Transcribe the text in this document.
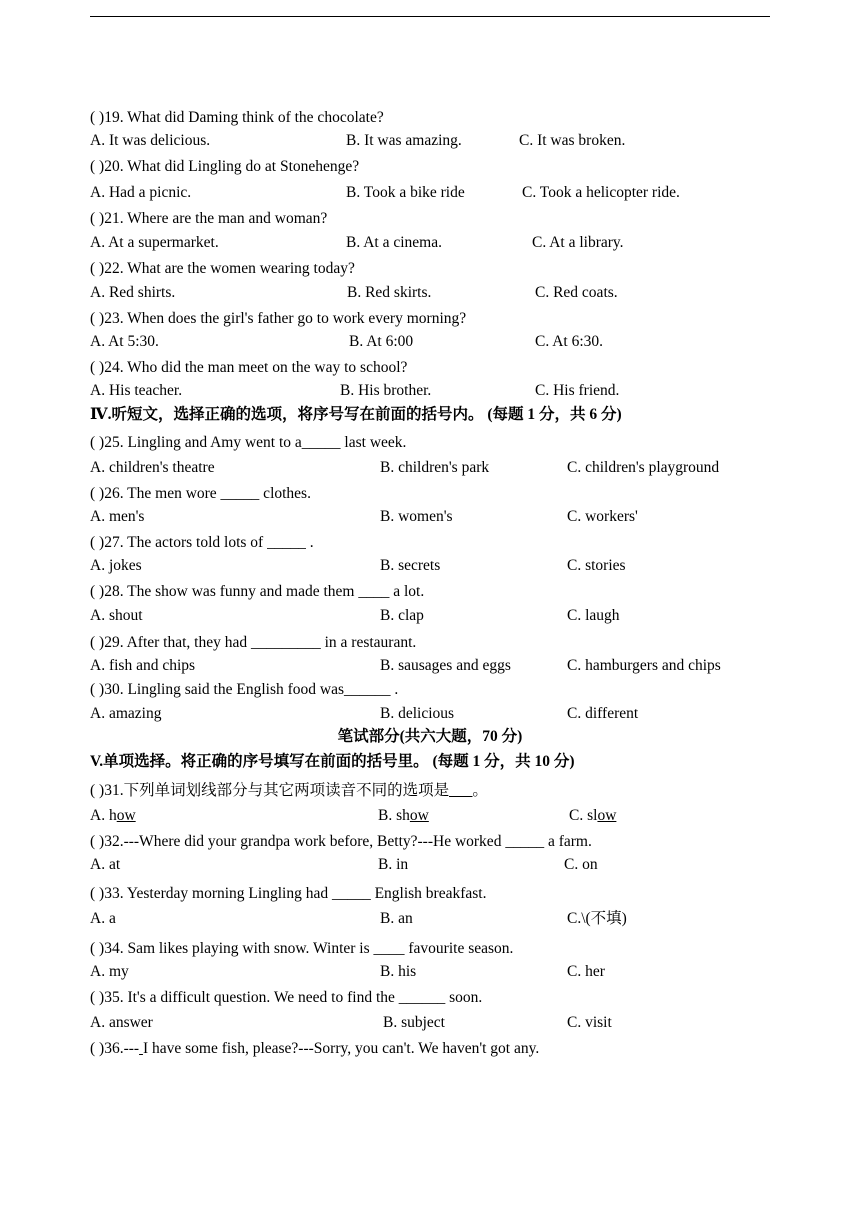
( )19. What did Daming think of the chocolate?
A. It was delicious.	B. It was amazing.	C. It was broken.
( )20. What did Lingling do at Stonehenge?
A. Had a picnic.	B. Took a bike ride	C. Took a helicopter ride.
( )21. Where are the man and woman?
A. At a supermarket.	B. At a cinema.	C. At a library.
( )22. What are the women wearing today?
A. Red shirts.	B. Red skirts.	C. Red coats.
( )23. When does the girl's father go to work every morning?
A. At 5:30.	B. At 6:00	C. At 6:30.
( )24. Who did the man meet on the way to school?
A. His teacher.	B. His brother.	C. His friend.
Ⅳ.听短文，选择正确的选项，将序号写在前面的括号内。 (每题 1 分，共 6 分)
( )25. Lingling and Amy went to a_____ last week.
A. children's theatre	B. children's park	C. children's playground
( )26. The men wore _____ clothes.
A. men's	B. women's	C. workers'
( )27. The actors told lots of _____ .
A. jokes	B. secrets	C. stories
( )28. The show was funny and made them ____ a lot.
A. shout	B. clap	C. laugh
( )29. After that, they had _________ in a restaurant.
A. fish and chips	B. sausages and eggs	C. hamburgers and chips
( )30. Lingling said the English food was______ .
A. amazing	B. delicious	C. different
笔试部分(共六大题，70 分)
V.单项选择。将正确的序号填写在前面的括号里。 (每题 1 分，共 10 分)
( )31.下列单词划线部分与其它两项读音不同的选项是___。
A. how	B. show	C. slow
( )32.---Where did your grandpa work before, Betty?---He worked _____ a farm.
A. at	B. in	C. on
( )33. Yesterday morning Lingling had _____ English breakfast.
A. a	B. an	C.\(不填)
( )34. Sam likes playing with snow. Winter is ____ favourite season.
A. my	B. his	C. her
( )35. It's a difficult question. We need to find the ______ soon.
A. answer	B. subject	C. visit
( )36.--- I have some fish, please?---Sorry, you can't. We haven't got any.
